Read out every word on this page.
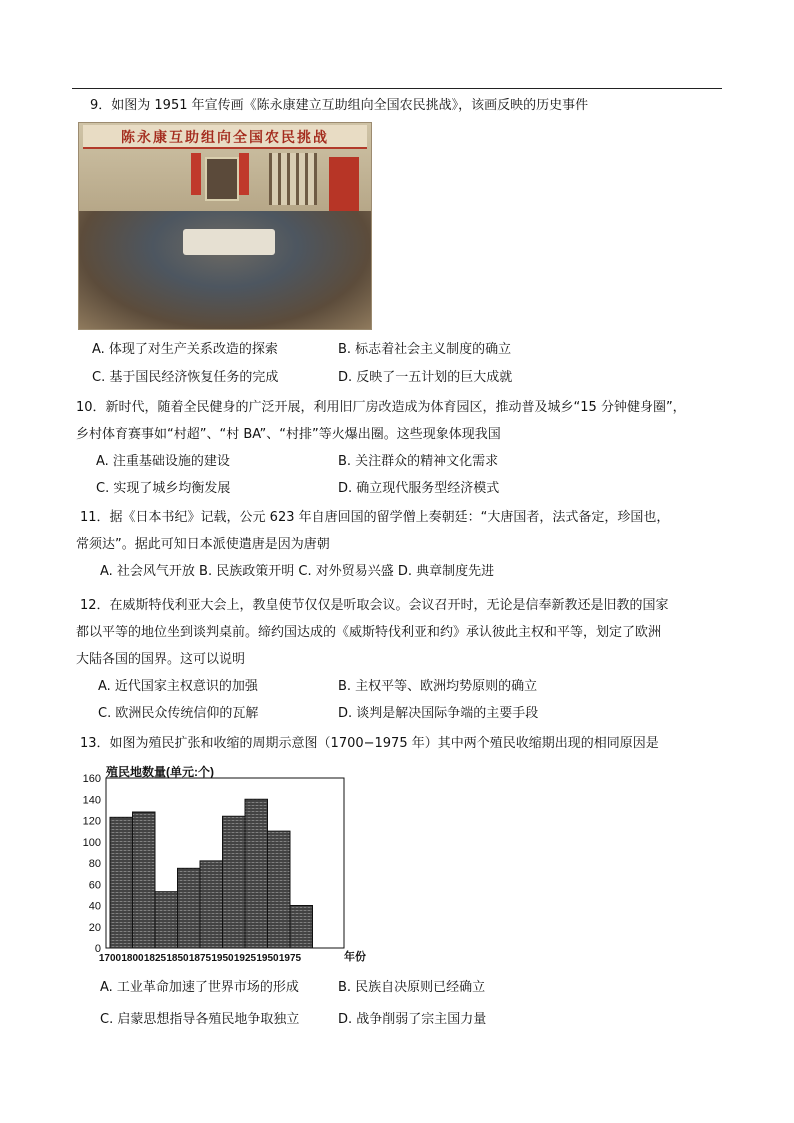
9．如图为 1951 年宣传画《陈永康建立互助组向全国农民挑战》，该画反映的历史事件
陈永康互助组向全国农民挑战
A. 体现了对生产关系改造的探索	B. 标志着社会主义制度的确立
C. 基于国民经济恢复任务的完成	D. 反映了一五计划的巨大成就
10．新时代，随着全民健身的广泛开展，利用旧厂房改造成为体育园区，推动普及城乡“15 分钟健身圈”，
乡村体育赛事如“村超”、“村 BA”、“村排”等火爆出圈。这些现象体现我国
A. 注重基础设施的建设	B. 关注群众的精神文化需求
C. 实现了城乡均衡发展	D. 确立现代服务型经济模式
11．据《日本书纪》记载，公元 623 年自唐回国的留学僧上奏朝廷：“大唐国者，法式备定，珍国也，
常须达”。据此可知日本派使遣唐是因为唐朝
A. 社会风气开放 B. 民族政策开明 C. 对外贸易兴盛 D. 典章制度先进
12．在威斯特伐利亚大会上，教皇使节仅仅是听取会议。会议召开时，无论是信奉新教还是旧教的国家
都以平等的地位坐到谈判桌前。缔约国达成的《威斯特伐利亚和约》承认彼此主权和平等，划定了欧洲
大陆各国的国界。这可以说明
A. 近代国家主权意识的加强	B. 主权平等、欧洲均势原则的确立
C. 欧洲民众传统信仰的瓦解	D. 谈判是解决国际争端的主要手段
13．如图为殖民扩张和收缩的周期示意图（1700−1975 年）其中两个殖民收缩期出现的相同原因是
0
20
40
60
80
100
120
140
160
1700 1800 1825 1850 1875 1950 1925 1950 1975
殖民地数量(单元:个)
年份
A. 工业革命加速了世界市场的形成	B. 民族自决原则已经确立
C. 启蒙思想指导各殖民地争取独立	D. 战争削弱了宗主国力量
